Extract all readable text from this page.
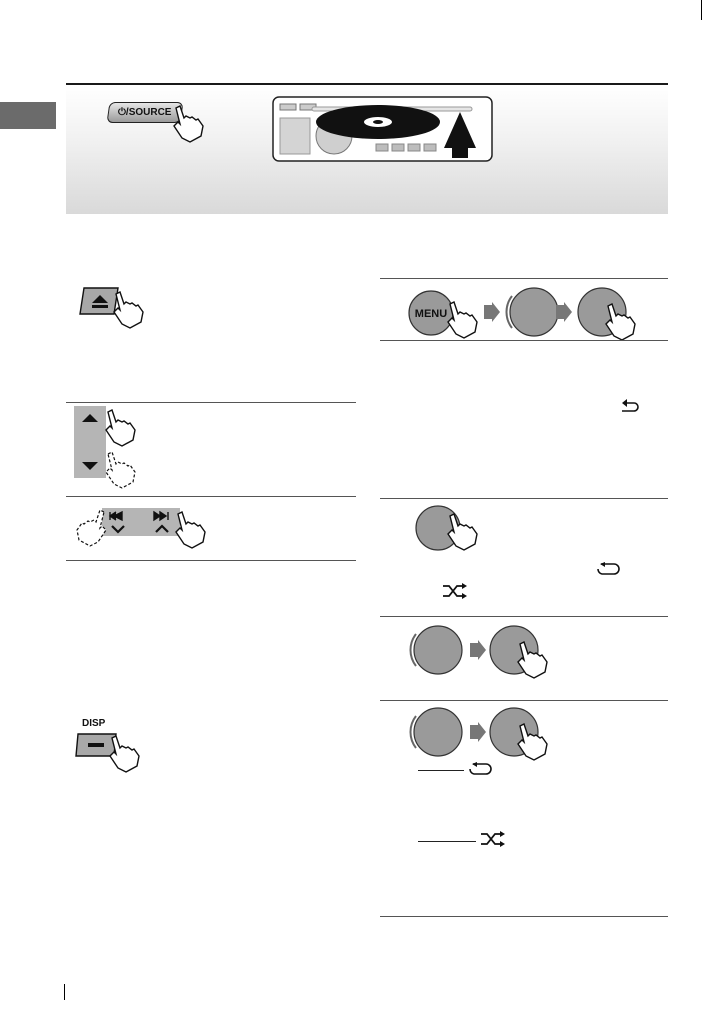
⏻/SOURCE
DISP
MENU
